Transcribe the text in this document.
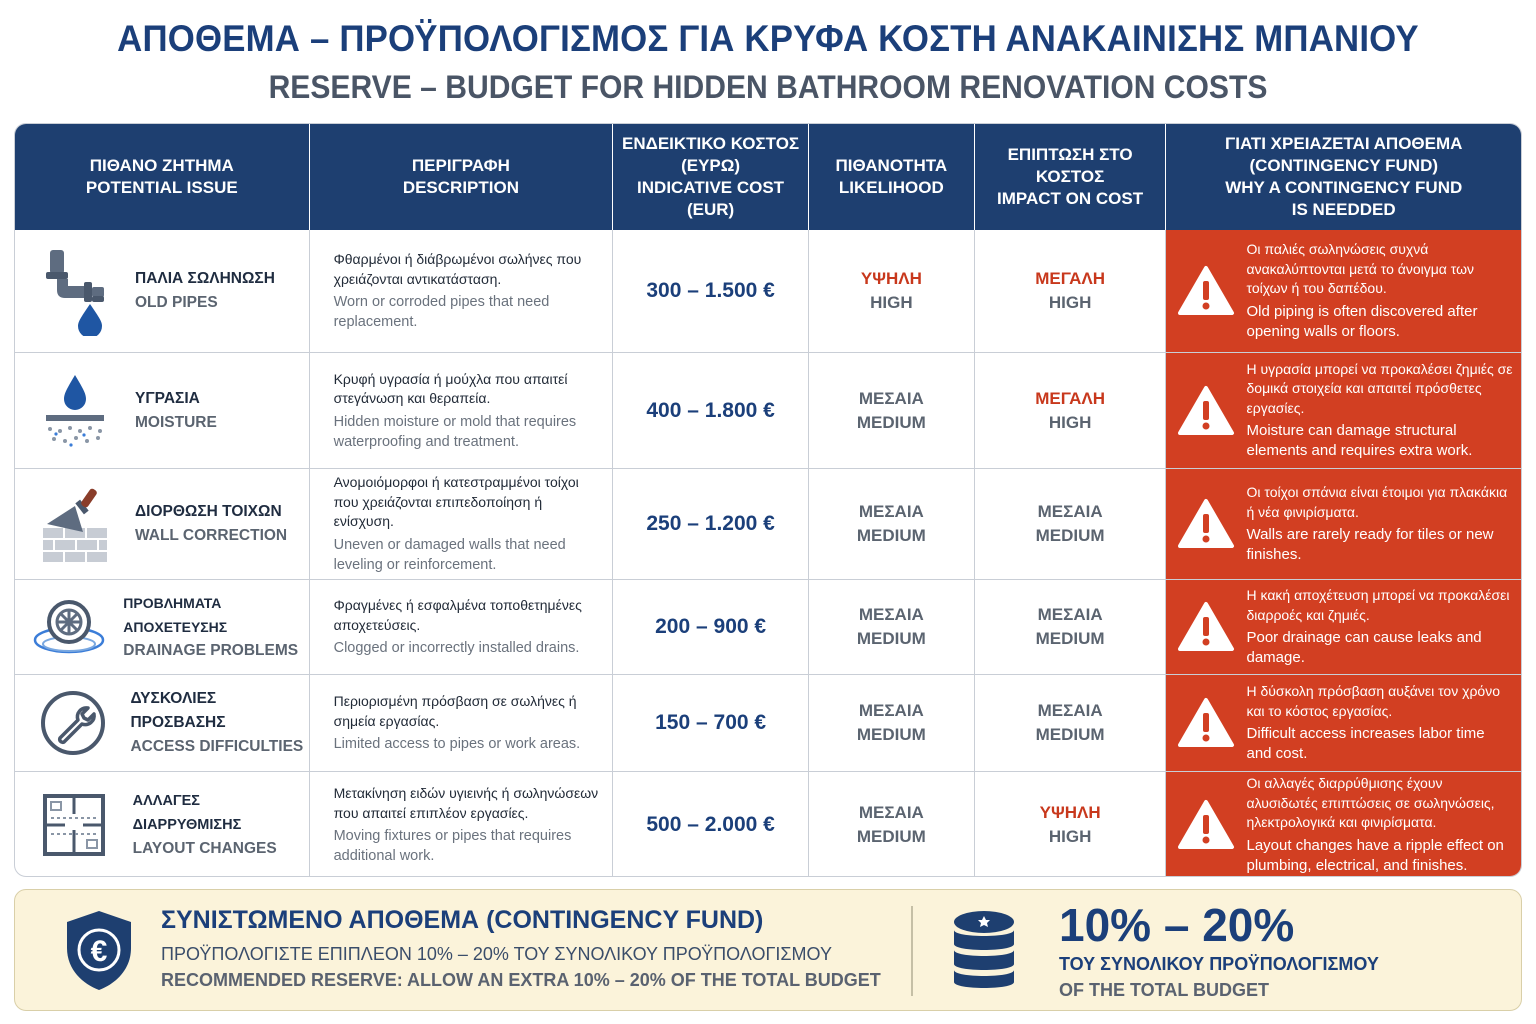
ΑΠΟΘΕΜΑ – ΠΡΟΫΠΟΛΟΓΙΣΜΟΣ ΓΙΑ ΚΡΥΦΑ ΚΟΣΤΗ ΑΝΑΚΑΙΝΙΣΗΣ ΜΠΑΝΙΟΥ
RESERVE – BUDGET FOR HIDDEN BATHROOM RENOVATION COSTS
ΠΙΘΑΝΟ ΖΗΤΗΜΑ
POTENTIAL ISSUE
ΠΕΡΙΓΡΑΦΗ
DESCRIPTION
ΕΝΔΕΙΚΤΙΚΟ ΚΟΣΤΟΣ
(ΕΥΡΩ)
INDICATIVE COST
(EUR)
ΠΙΘΑΝΟΤΗΤΑ
LIKELIHOOD
ΕΠΙΠΤΩΣΗ ΣΤΟ ΚΟΣΤΟΣ
IMPACT ON COST
ΓΙΑΤΙ ΧΡΕΙΑΖΕΤΑΙ ΑΠΟΘΕΜΑ
(CONTINGENCY FUND)
WHY A CONTINGENCY FUND
IS NEEDDED
ΠΑΛΙΑ ΣΩΛΗΝΩΣΗ
OLD PIPES
Φθαρμένοι ή διάβρωμένοι σωλήνες που χρειάζονται αντικατάσταση.
Worn or corroded pipes that need replacement.
300 – 1.500 €
ΥΨΗΛΗ
HIGH
ΜΕΓΑΛΗ
HIGH
Οι παλιές σωληνώσεις συχνά ανακαλύπτονται μετά το άνοιγμα των τοίχων ή του δαπέδου.
Old piping is often discovered after opening walls or floors.
ΥΓΡΑΣΙΑ
MOISTURE
Κρυφή υγρασία ή μούχλα που απαιτεί στεγάνωση και θεραπεία.
Hidden moisture or mold that requires waterproofing and treatment.
400 – 1.800 €
ΜΕΣΑΙΑ
MEDIUM
ΜΕΓΑΛΗ
HIGH
Η υγρασία μπορεί να προκαλέσει ζημιές σε δομικά στοιχεία και απαιτεί πρόσθετες εργασίες.
Moisture can damage structural elements and requires extra work.
ΔΙΟΡΘΩΣΗ ΤΟΙΧΩΝ
WALL CORRECTION
Ανομοιόμορφοι ή κατεστραμμένοι τοίχοι που χρειάζονται επιπεδοποίηση ή ενίσχυση.
Uneven or damaged walls that need leveling or reinforcement.
250 – 1.200 €
ΜΕΣΑΙΑ
MEDIUM
ΜΕΣΑΙΑ
MEDIUM
Οι τοίχοι σπάνια είναι έτοιμοι για πλακάκια ή νέα φινιρίσματα.
Walls are rarely ready for tiles or new finishes.
ΠΡΟΒΛΗΜΑΤΑ ΑΠΟΧΕΤΕΥΣΗΣ
DRAINAGE PROBLEMS
Φραγμένες ή εσφαλμένα τοποθετημένες αποχετεύσεις.
Clogged or incorrectly installed drains.
200 – 900 €
ΜΕΣΑΙΑ
MEDIUM
ΜΕΣΑΙΑ
MEDIUM
Η κακή αποχέτευση μπορεί να προκαλέσει διαρροές και ζημιές.
Poor drainage can cause leaks and damage.
ΔΥΣΚΟΛΙΕΣ ΠΡΟΣΒΑΣΗΣ
ACCESS DIFFICULTIES
Περιορισμένη πρόσβαση σε σωλήνες ή σημεία εργασίας.
Limited access to pipes or work areas.
150 – 700 €
ΜΕΣΑΙΑ
MEDIUM
ΜΕΣΑΙΑ
MEDIUM
Η δύσκολη πρόσβαση αυξάνει τον χρόνο και το κόστος εργασίας.
Difficult access increases labor time and cost.
ΑΛΛΑΓΕΣ ΔΙΑΡΡΥΘΜΙΣΗΣ
LAYOUT CHANGES
Μετακίνηση ειδών υγιεινής ή σωληνώσεων που απαιτεί επιπλέον εργασίες.
Moving fixtures or pipes that requires additional work.
500 – 2.000 €
ΜΕΣΑΙΑ
MEDIUM
ΥΨΗΛΗ
HIGH
Οι αλλαγές διαρρύθμισης έχουν αλυσιδωτές επιπτώσεις σε σωληνώσεις, ηλεκτρολογικά και φινιρίσματα.
Layout changes have a ripple effect on plumbing, electrical, and finishes.
€
ΣΥΝΙΣΤΩΜΕΝΟ ΑΠΟΘΕΜΑ (CONTINGENCY FUND)
ΠΡΟΫΠΟΛΟΓΙΣΤΕ ΕΠΙΠΛΕΟΝ 10% – 20% ΤΟΥ ΣΥΝΟΛΙΚΟΥ ΠΡΟΫΠΟΛΟΓΙΣΜΟΥ
RECOMMENDED RESERVE: ALLOW AN EXTRA 10% – 20% OF THE TOTAL BUDGET
10% – 20%
ΤΟΥ ΣΥΝΟΛΙΚΟΥ ΠΡΟΫΠΟΛΟΓΙΣΜΟΥ
OF THE TOTAL BUDGET
